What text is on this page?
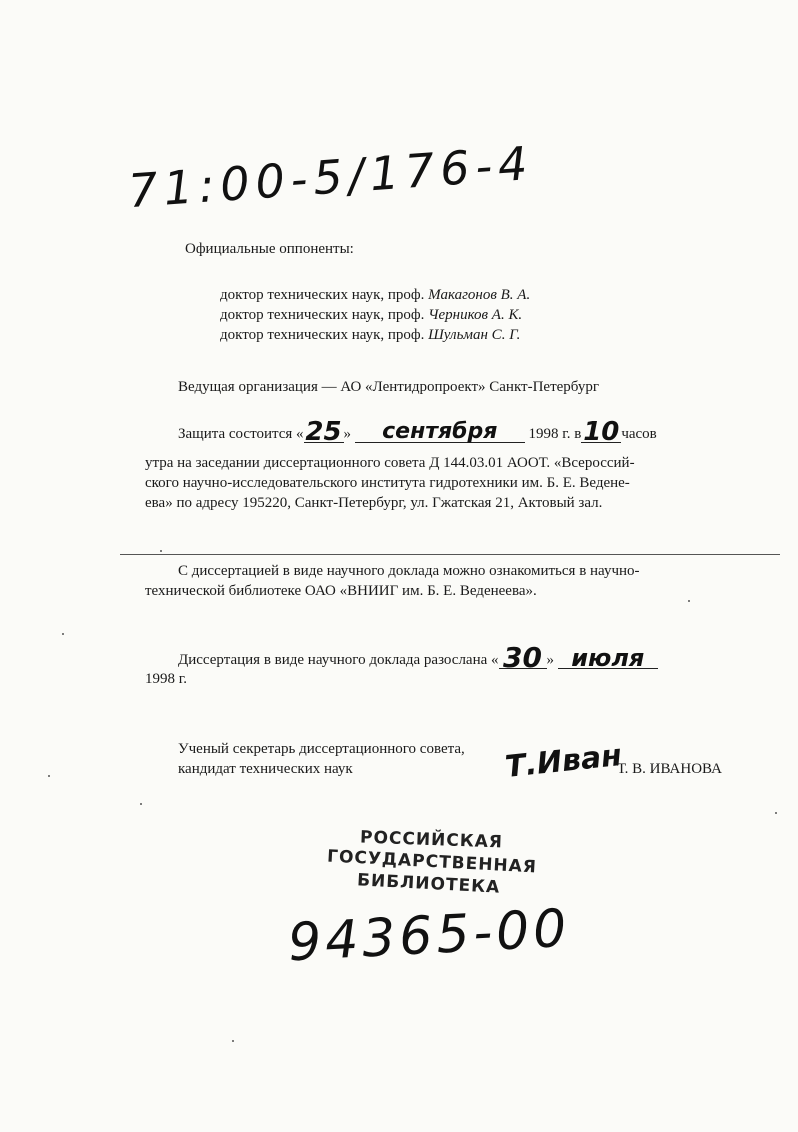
71:00-5/176-4
Официальные оппоненты:
доктор технических наук, проф. Макагонов В. А.
доктор технических наук, проф. Черников А. К.
доктор технических наук, проф. Шульман С. Г.
Ведущая организация — АО «Лентидропроект» Санкт-Петербург
Защита состоится « 25 »	сентября	1998 г. в 10 часов
утра на заседании диссертационного совета Д 144.03.01 АООТ. «Всероссий-
ского научно-исследовательского института гидротехники им. Б. Е. Веденe-
ева» по адресу 195220, Санкт-Петербург, ул. Гжатская 21, Актовый зал.
С диссертацией в виде научного доклада можно ознакомиться в научно-
технической библиотеке ОАО «ВНИИГ им. Б. Е. Веденеева».
Диссертация в виде научного доклада разослана « 30 » июля
1998 г.
Ученый секретарь диссертационного совета,
кандидат технических наук	Т.Иван
Т. В. ИВАНОВА
РОССИЙСКАЯ
ГОСУДАРСТВЕННАЯ
БИБЛИОТЕКА
94365-00
